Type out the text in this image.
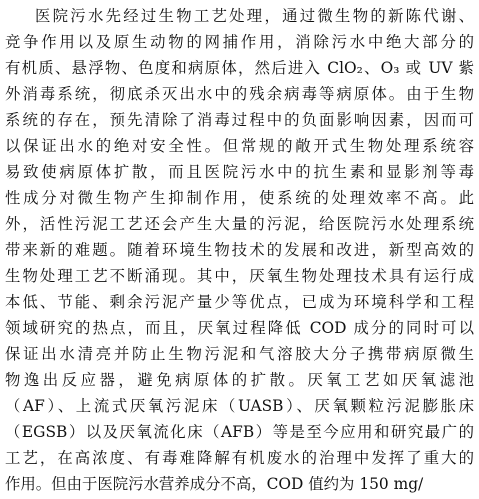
医院污水先经过生物工艺处理，通过微生物的新陈代谢、
竞争作用以及原生动物的网捕作用，消除污水中绝大部分的
有机质、悬浮物、色度和病原体，然后进入 ClO₂、O₃ 或 UV 紫
外消毒系统，彻底杀灭出水中的残余病毒等病原体。由于生物
系统的存在，预先清除了消毒过程中的负面影响因素，因而可
以保证出水的绝对安全性。但常规的敞开式生物处理系统容
易致使病原体扩散，而且医院污水中的抗生素和显影剂等毒
性成分对微生物产生抑制作用，使系统的处理效率不高。此
外，活性污泥工艺还会产生大量的污泥，给医院污水处理系统
带来新的难题。随着环境生物技术的发展和改进，新型高效的
生物处理工艺不断涌现。其中，厌氧生物处理技术具有运行成
本低、节能、剩余污泥产量少等优点，已成为环境科学和工程
领域研究的热点，而且，厌氧过程降低 COD 成分的同时可以
保证出水清亮并防止生物污泥和气溶胶大分子携带病原微生
物逸出反应器，避免病原体的扩散。厌氧工艺如厌氧滤池
（AF）、上流式厌氧污泥床（UASB）、厌氧颗粒污泥膨胀床
（EGSB）以及厌氧流化床（AFB）等是至今应用和研究最广的
工艺，在高浓度、有毒难降解有机废水的治理中发挥了重大的
作用。但由于医院污水营养成分不高，COD 值约为 150 mg/
